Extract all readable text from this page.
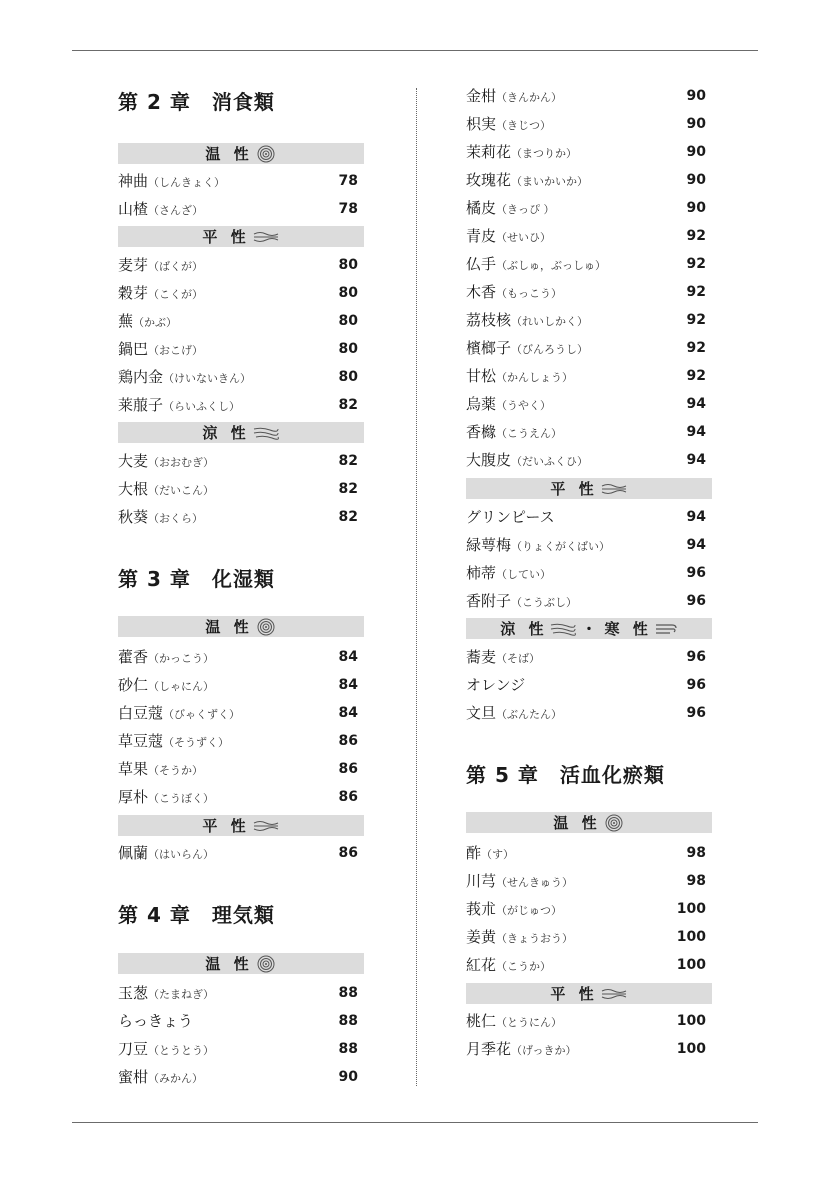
第 2 章　消食類
温 性
神曲（しんきょく）	78
山楂（さんざ）	78
平 性
麦芽（ばくが）	80
穀芽（こくが）	80
蕪（かぶ）	80
鍋巴（おこげ）	80
鶏内金（けいないきん）	80
莱菔子（らいふくし）	82
涼 性
大麦（おおむぎ）	82
大根（だいこん）	82
秋葵（おくら）	82
第 3 章　化湿類
温 性
藿香（かっこう）	84
砂仁（しゃにん）	84
白豆蔻（びゃくずく）	84
草豆蔻（そうずく）	86
草果（そうか）	86
厚朴（こうぼく）	86
平 性
佩蘭（はいらん）	86
第 4 章　理気類
温 性
玉葱（たまねぎ）	88
らっきょう	88
刀豆（とうとう）	88
蜜柑（みかん）	90
金柑（きんかん）	90
枳実（きじつ）	90
茉莉花（まつりか）	90
玫瑰花（まいかいか）	90
橘皮（きっぴ ）	90
青皮（せいひ）	92
仏手（ぶしゅ，ぶっしゅ）	92
木香（もっこう）	92
茘枝核（れいしかく）	92
檳榔子（びんろうし）	92
甘松（かんしょう）	92
烏薬（うやく）	94
香櫞（こうえん）	94
大腹皮（だいふくひ）	94
平 性
グリンピース	94
緑萼梅（りょくがくばい）	94
柿蒂（してい）	96
香附子（こうぶし）	96
涼 性 ・ 寒 性
蕎麦（そば）	96
オレンジ	96
文旦（ぶんたん）	96
第 5 章　活血化瘀類
温 性
酢（す）	98
川芎（せんきゅう）	98
莪朮（がじゅつ）	100
姜黄（きょうおう）	100
紅花（こうか）	100
平 性
桃仁（とうにん）	100
月季花（げっきか）	100
